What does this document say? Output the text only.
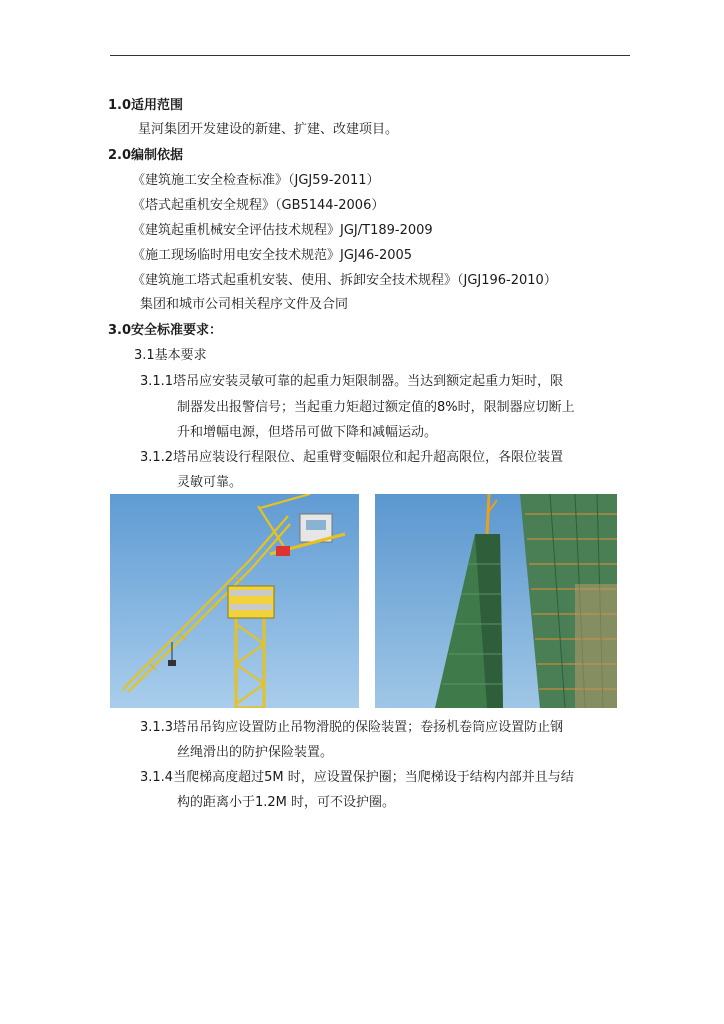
1.0适用范围
星河集团开发建设的新建、扩建、改建项目。
2.0编制依据
《建筑施工安全检查标准》（JGJ59-2011）
《塔式起重机安全规程》（GB5144-2006）
《建筑起重机械安全评估技术规程》JGJ/T189-2009
《施工现场临时用电安全技术规范》JGJ46-2005
《建筑施工塔式起重机安装、使用、拆卸安全技术规程》（JGJ196-2010）
集团和城市公司相关程序文件及合同
3.0安全标准要求：
3.1基本要求
3.1.1塔吊应安装灵敏可靠的起重力矩限制器。当达到额定起重力矩时，限
制器发出报警信号；当起重力矩超过额定值的8%时，限制器应切断上
升和增幅电源，但塔吊可做下降和减幅运动。
3.1.2塔吊应装设行程限位、起重臂变幅限位和起升超高限位，各限位装置
灵敏可靠。
3.1.3塔吊吊钩应设置防止吊物滑脱的保险装置；卷扬机卷筒应设置防止钢
丝绳滑出的防护保险装置。
3.1.4当爬梯高度超过5M 时，应设置保护圈；当爬梯设于结构内部并且与结
构的距离小于1.2M 时，可不设护圈。
